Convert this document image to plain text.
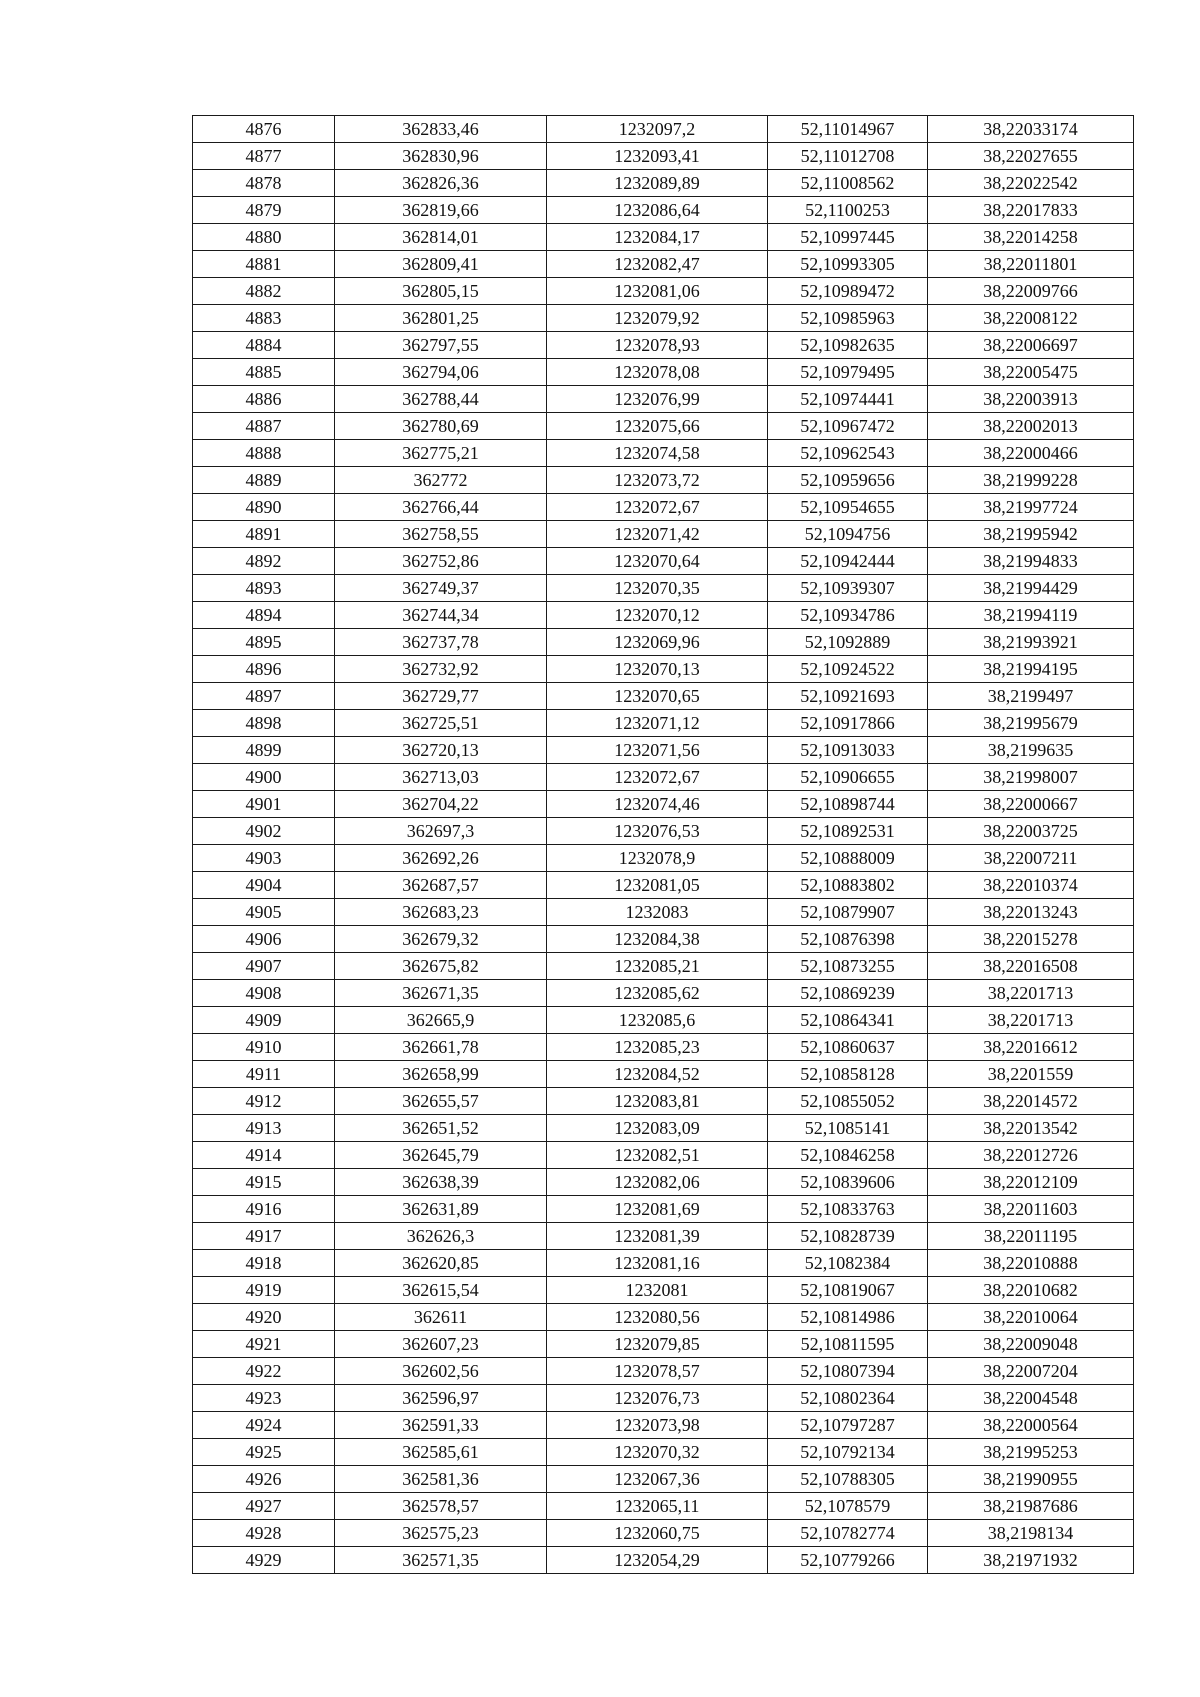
4876	362833,46	1232097,2	52,11014967	38,22033174
4877	362830,96	1232093,41	52,11012708	38,22027655
4878	362826,36	1232089,89	52,11008562	38,22022542
4879	362819,66	1232086,64	52,1100253	38,22017833
4880	362814,01	1232084,17	52,10997445	38,22014258
4881	362809,41	1232082,47	52,10993305	38,22011801
4882	362805,15	1232081,06	52,10989472	38,22009766
4883	362801,25	1232079,92	52,10985963	38,22008122
4884	362797,55	1232078,93	52,10982635	38,22006697
4885	362794,06	1232078,08	52,10979495	38,22005475
4886	362788,44	1232076,99	52,10974441	38,22003913
4887	362780,69	1232075,66	52,10967472	38,22002013
4888	362775,21	1232074,58	52,10962543	38,22000466
4889	362772	1232073,72	52,10959656	38,21999228
4890	362766,44	1232072,67	52,10954655	38,21997724
4891	362758,55	1232071,42	52,1094756	38,21995942
4892	362752,86	1232070,64	52,10942444	38,21994833
4893	362749,37	1232070,35	52,10939307	38,21994429
4894	362744,34	1232070,12	52,10934786	38,21994119
4895	362737,78	1232069,96	52,1092889	38,21993921
4896	362732,92	1232070,13	52,10924522	38,21994195
4897	362729,77	1232070,65	52,10921693	38,2199497
4898	362725,51	1232071,12	52,10917866	38,21995679
4899	362720,13	1232071,56	52,10913033	38,2199635
4900	362713,03	1232072,67	52,10906655	38,21998007
4901	362704,22	1232074,46	52,10898744	38,22000667
4902	362697,3	1232076,53	52,10892531	38,22003725
4903	362692,26	1232078,9	52,10888009	38,22007211
4904	362687,57	1232081,05	52,10883802	38,22010374
4905	362683,23	1232083	52,10879907	38,22013243
4906	362679,32	1232084,38	52,10876398	38,22015278
4907	362675,82	1232085,21	52,10873255	38,22016508
4908	362671,35	1232085,62	52,10869239	38,2201713
4909	362665,9	1232085,6	52,10864341	38,2201713
4910	362661,78	1232085,23	52,10860637	38,22016612
4911	362658,99	1232084,52	52,10858128	38,2201559
4912	362655,57	1232083,81	52,10855052	38,22014572
4913	362651,52	1232083,09	52,1085141	38,22013542
4914	362645,79	1232082,51	52,10846258	38,22012726
4915	362638,39	1232082,06	52,10839606	38,22012109
4916	362631,89	1232081,69	52,10833763	38,22011603
4917	362626,3	1232081,39	52,10828739	38,22011195
4918	362620,85	1232081,16	52,1082384	38,22010888
4919	362615,54	1232081	52,10819067	38,22010682
4920	362611	1232080,56	52,10814986	38,22010064
4921	362607,23	1232079,85	52,10811595	38,22009048
4922	362602,56	1232078,57	52,10807394	38,22007204
4923	362596,97	1232076,73	52,10802364	38,22004548
4924	362591,33	1232073,98	52,10797287	38,22000564
4925	362585,61	1232070,32	52,10792134	38,21995253
4926	362581,36	1232067,36	52,10788305	38,21990955
4927	362578,57	1232065,11	52,1078579	38,21987686
4928	362575,23	1232060,75	52,10782774	38,2198134
4929	362571,35	1232054,29	52,10779266	38,21971932
